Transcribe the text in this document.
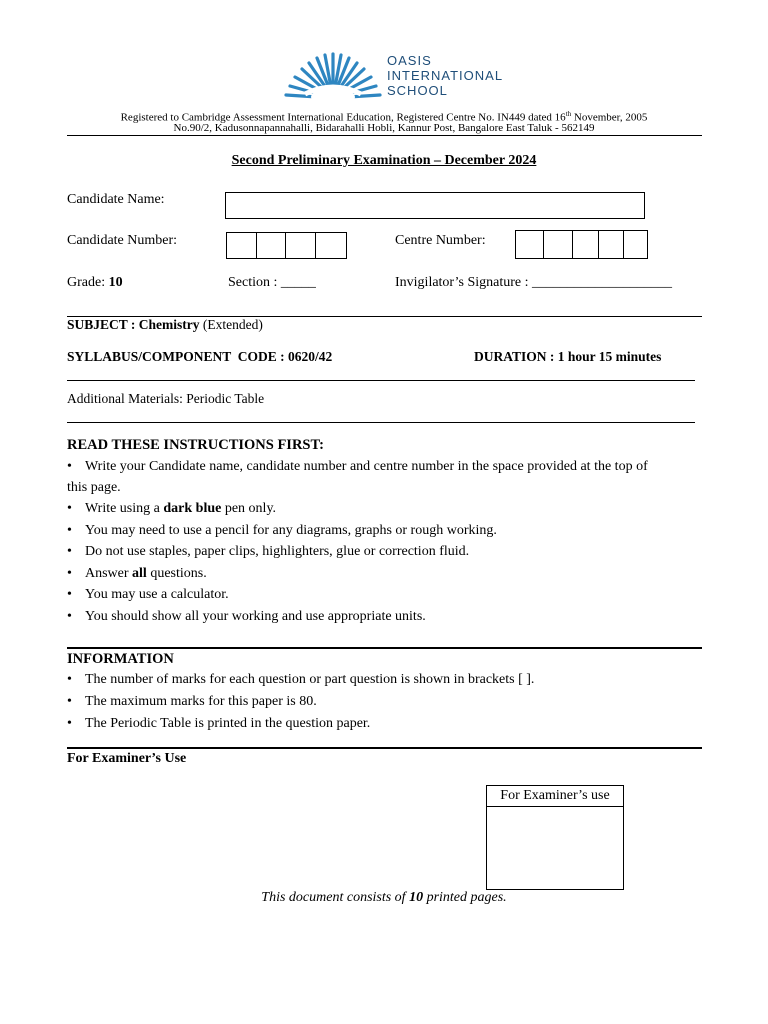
OASIS
INTERNATIONAL
SCHOOL
Registered to Cambridge Assessment International Education, Registered Centre No. IN449 dated 16th November, 2005
No.90/2, Kadusonnapannahalli, Bidarahalli Hobli, Kannur Post, Bangalore East Taluk - 562149
Second Preliminary Examination – December 2024
Candidate Name:
Candidate Number:	Centre Number:
Grade: 10	Section : _____	Invigilator’s Signature : ____________________
SUBJECT : Chemistry (Extended)
SYLLABUS/COMPONENT  CODE : 0620/42	DURATION : 1 hour 15 minutes
Additional Materials: Periodic Table
READ THESE INSTRUCTIONS FIRST:
• Write your Candidate name, candidate number and centre number in the space provided at the top of
this page.
• Write using a dark blue pen only.
• You may need to use a pencil for any diagrams, graphs or rough working.
• Do not use staples, paper clips, highlighters, glue or correction fluid.
• Answer all questions.
• You may use a calculator.
• You should show all your working and use appropriate units.
INFORMATION
• The number of marks for each question or part question is shown in brackets [ ].
• The maximum marks for this paper is 80.
• The Periodic Table is printed in the question paper.
For Examiner’s Use
For Examiner’s use
This document consists of 10 printed pages.
